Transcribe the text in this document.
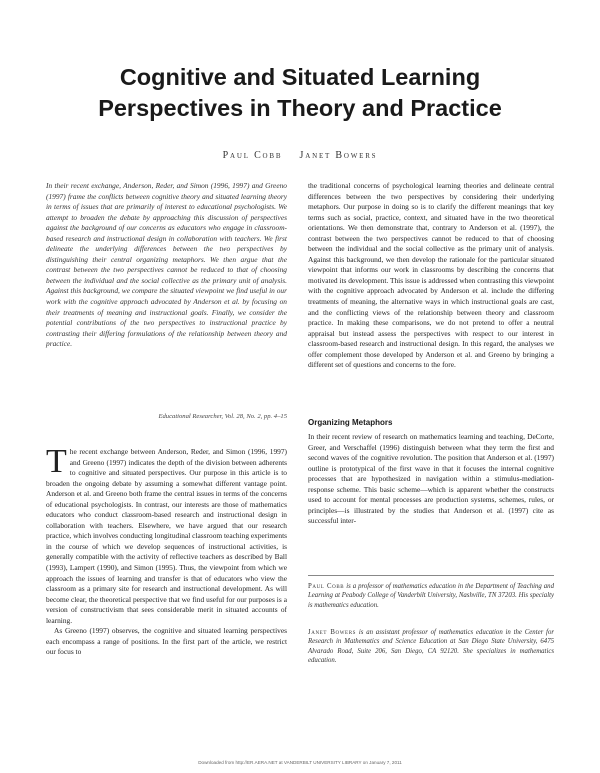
Cognitive and Situated Learning
Perspectives in Theory and Practice
Paul Cobb    Janet Bowers
In their recent exchange, Anderson, Reder, and Simon (1996, 1997) and Greeno (1997) frame the conflicts between cognitive theory and situated learning theory in terms of issues that are primarily of interest to educational psychologists. We attempt to broaden the debate by approaching this discussion of perspectives against the background of our concerns as educators who engage in classroom-based research and instructional design in collaboration with teachers. We first delineate the underlying differences between the two perspectives by distinguishing their central organizing metaphors. We then argue that the contrast between the two perspectives cannot be reduced to that of choosing between the individual and the social collective as the primary unit of analysis. Against this background, we compare the situated viewpoint we find useful in our work with the cognitive approach advocated by Anderson et al. by focusing on their treatments of meaning and instructional goals. Finally, we consider the potential contributions of the two perspectives to instructional practice by contrasting their differing formulations of the relationship between theory and practice.
Educational Researcher, Vol. 28, No. 2, pp. 4–15

The recent exchange between Anderson, Reder, and Simon (1996, 1997) and Greeno (1997) indicates the depth of the division between adherents to cognitive and situated perspectives. Our purpose in this article is to broaden the ongoing debate by assuming a somewhat different vantage point. Anderson et al. and Greeno both frame the central issues in terms of the concerns of educational psychologists. In contrast, our interests are those of mathematics educators who conduct classroom-based research and instructional design in collaboration with teachers. Elsewhere, we have argued that our research practice, which involves conducting longitudinal classroom teaching experiments in the course of which we develop sequences of instructional activities, is generally compatible with the activity of reflective teachers as described by Ball (1993), Lampert (1990), and Simon (1995). Thus, the viewpoint from which we approach the issues of learning and transfer is that of educators who view the classroom as a primary site for research and instructional development. As will become clear, the theoretical perspective that we find useful for our purposes is a version of constructivism that sees considerable merit in situated accounts of learning.

As Greeno (1997) observes, the cognitive and situated learning perspectives each encompass a range of positions. In the first part of the article, we restrict our focus to

the traditional concerns of psychological learning theories and delineate central differences between the two perspectives by considering their underlying metaphors. Our purpose in doing so is to clarify the different meanings that key terms such as social, practice, context, and situated have in the two theoretical orientations. We then demonstrate that, contrary to Anderson et al. (1997), the contrast between the two perspectives cannot be reduced to that of choosing between the individual and the social collective as the primary unit of analysis. Against this background, we then develop the rationale for the particular situated viewpoint that informs our work in classrooms by describing the concerns that motivated its development. This issue is addressed when contrasting this viewpoint with the cognitive approach advocated by Anderson et al. include the differing treatments of meaning, the alternative ways in which instructional goals are cast, and the conflicting views of the relationship between theory and classroom practice. In making these comparisons, we do not pretend to offer a neutral appraisal but instead assess the perspectives with respect to our interest in classroom-based research and instructional design. In this regard, the analyses we offer complement those developed by Anderson et al. and Greeno by bringing a different set of questions and concerns to the fore.

Organizing Metaphors

In their recent review of research on mathematics learning and teaching, DeCorte, Greer, and Verschaffel (1996) distinguish between what they term the first and second waves of the cognitive revolution. The position that Anderson et al. (1997) outline is prototypical of the first wave in that it focuses the internal cognitive processes that are hypothesized in navigation within a stimulus-mediation-response scheme. This basic scheme—which is apparent whether the constructs used to account for mental processes are production systems, schemes, rules, or principles—is illustrated by the studies that Anderson et al. (1997) cite as successful inter-

Paul Cobb is a professor of mathematics education in the Department of Teaching and Learning at Peabody College of Vanderbilt University, Nashville, TN 37203. His specialty is mathematics education.
Janet Bowers is an assistant professor of mathematics education in the Center for Research in Mathematics and Science Education at San Diego State University, 6475 Alvarado Road, Suite 206, San Diego, CA 92120. She specializes in mathematics education.
Downloaded from http://ER.AERA.NET at VANDERBILT UNIVERSITY LIBRARY on January 7, 2011
